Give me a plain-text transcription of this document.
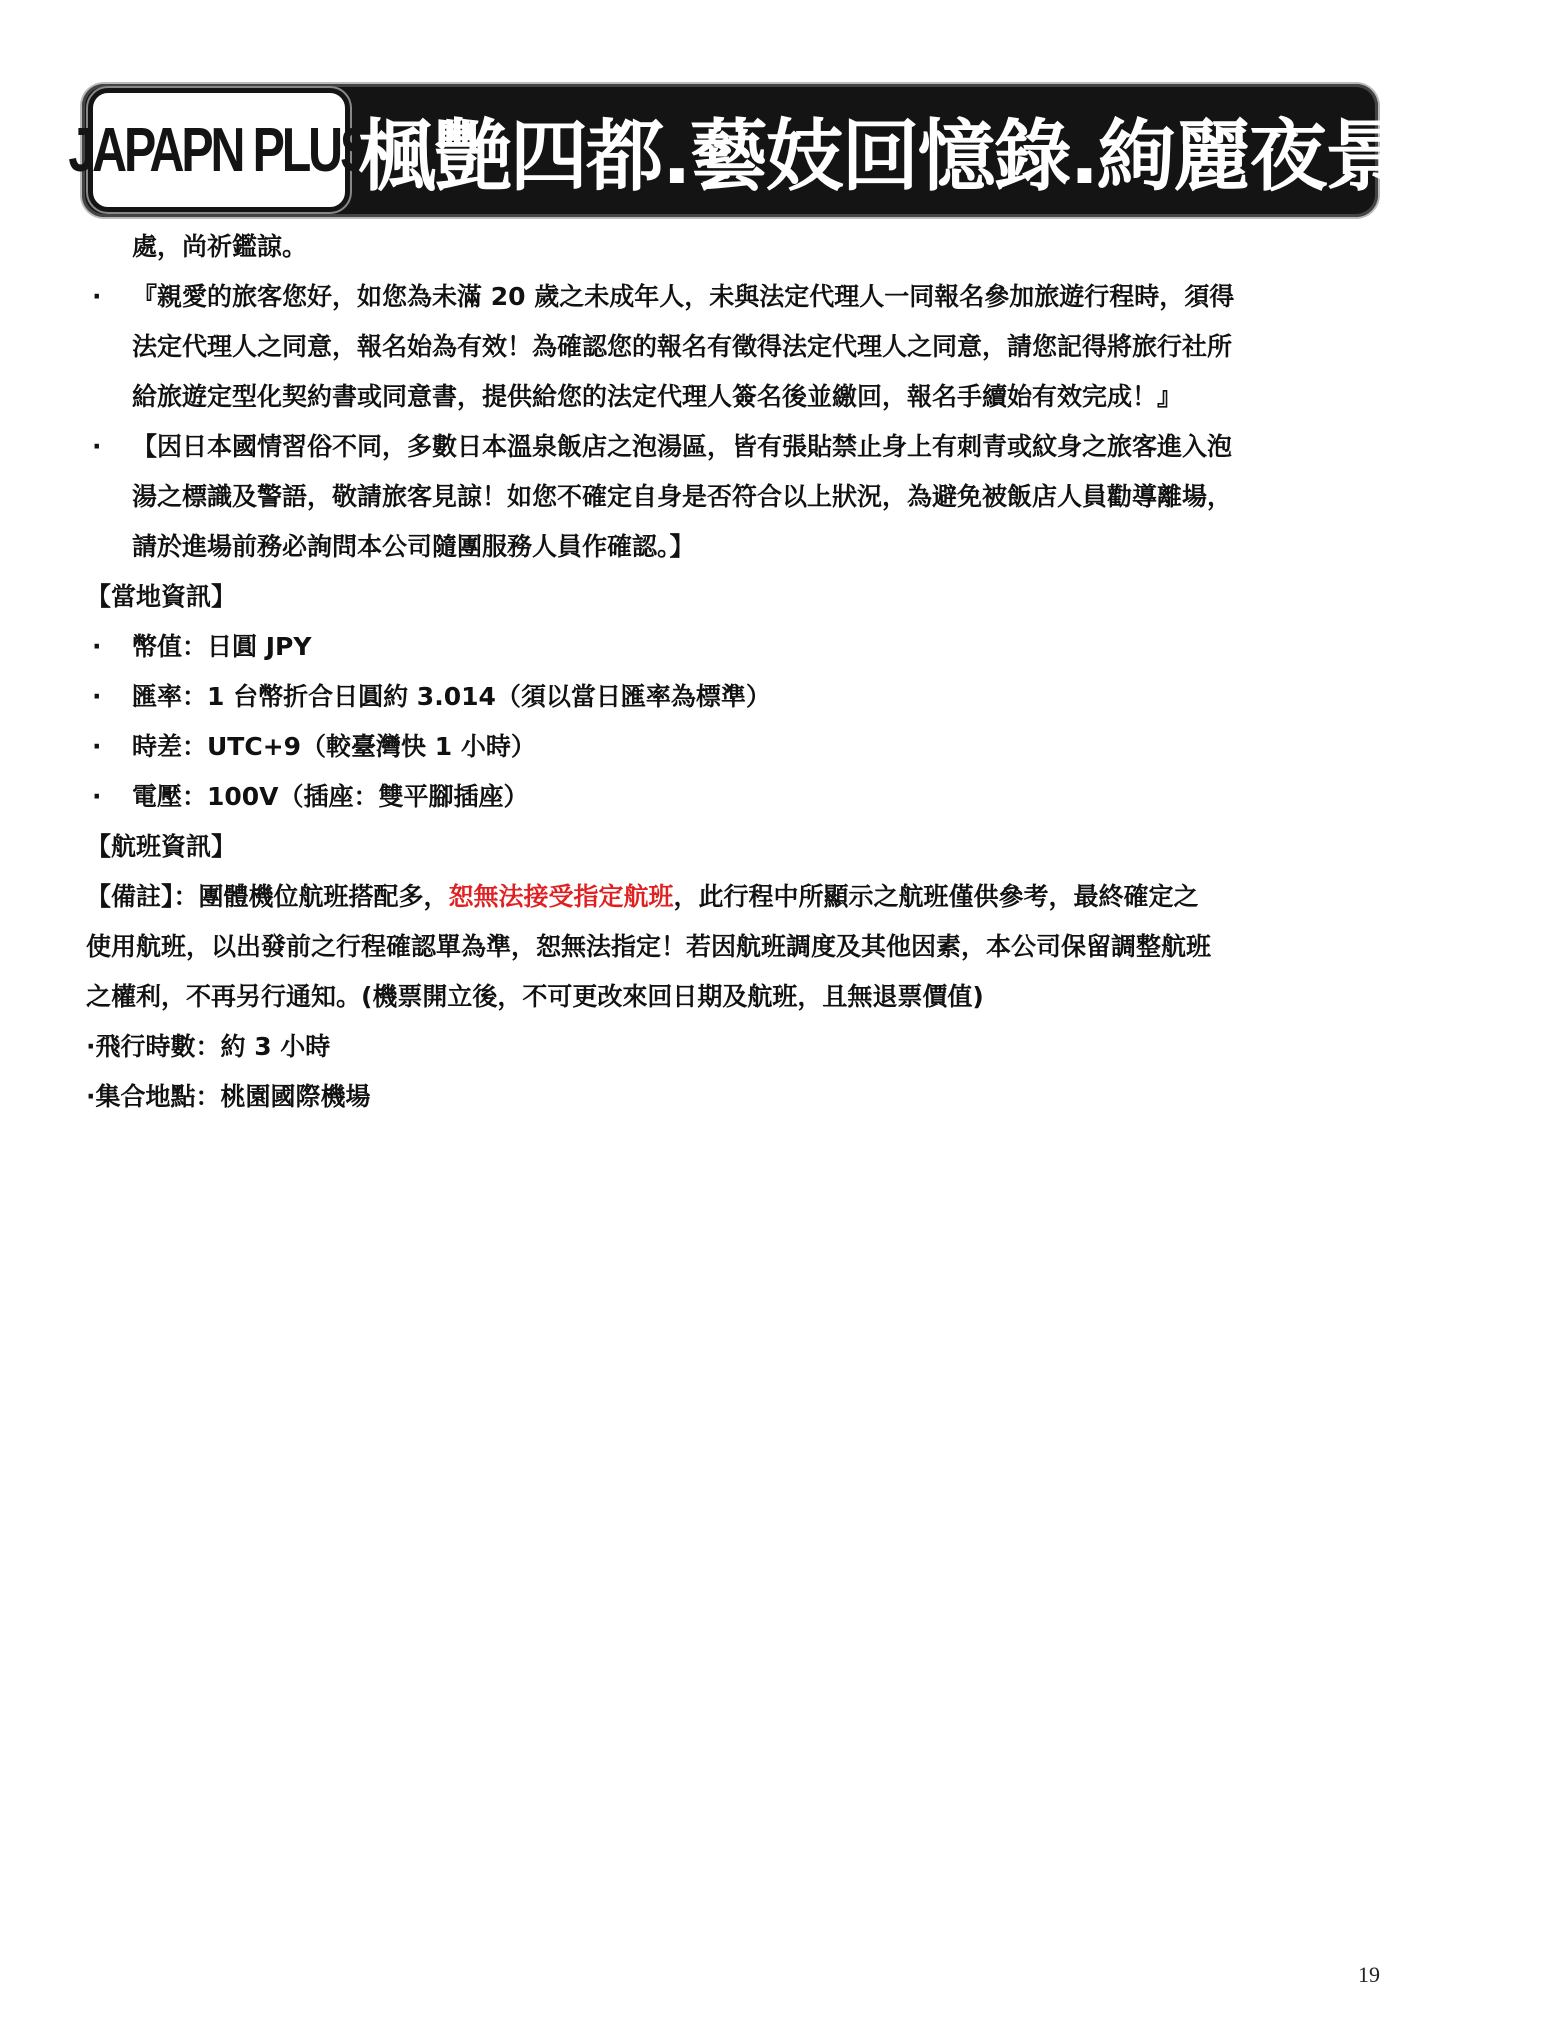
JAPAPN PLUS
楓艷四都.藝妓回憶錄.絢麗夜景五日
處，尚祈鑑諒。
· 『親愛的旅客您好，如您為未滿 20 歲之未成年人，未與法定代理人一同報名參加旅遊行程時，須得
法定代理人之同意，報名始為有效！為確認您的報名有徵得法定代理人之同意，請您記得將旅行社所
給旅遊定型化契約書或同意書，提供給您的法定代理人簽名後並繳回，報名手續始有效完成！』
· 【因日本國情習俗不同，多數日本溫泉飯店之泡湯區，皆有張貼禁止身上有刺青或紋身之旅客進入泡
湯之標識及警語，敬請旅客見諒！如您不確定自身是否符合以上狀況，為避免被飯店人員勸導離場，
請於進場前務必詢問本公司隨團服務人員作確認。】
【當地資訊】
· 幣值：日圓 JPY
· 匯率：1 台幣折合日圓約 3.014（須以當日匯率為標準）
· 時差：UTC+9（較臺灣快 1 小時）
· 電壓：100V（插座：雙平腳插座）
【航班資訊】
【備註】：團體機位航班搭配多，恕無法接受指定航班，此行程中所顯示之航班僅供參考，最終確定之
使用航班，以出發前之行程確認單為準，恕無法指定！若因航班調度及其他因素，本公司保留調整航班
之權利，不再另行通知。(機票開立後，不可更改來回日期及航班，且無退票價值)
·飛行時數：約 3 小時
·集合地點：桃園國際機場
19
